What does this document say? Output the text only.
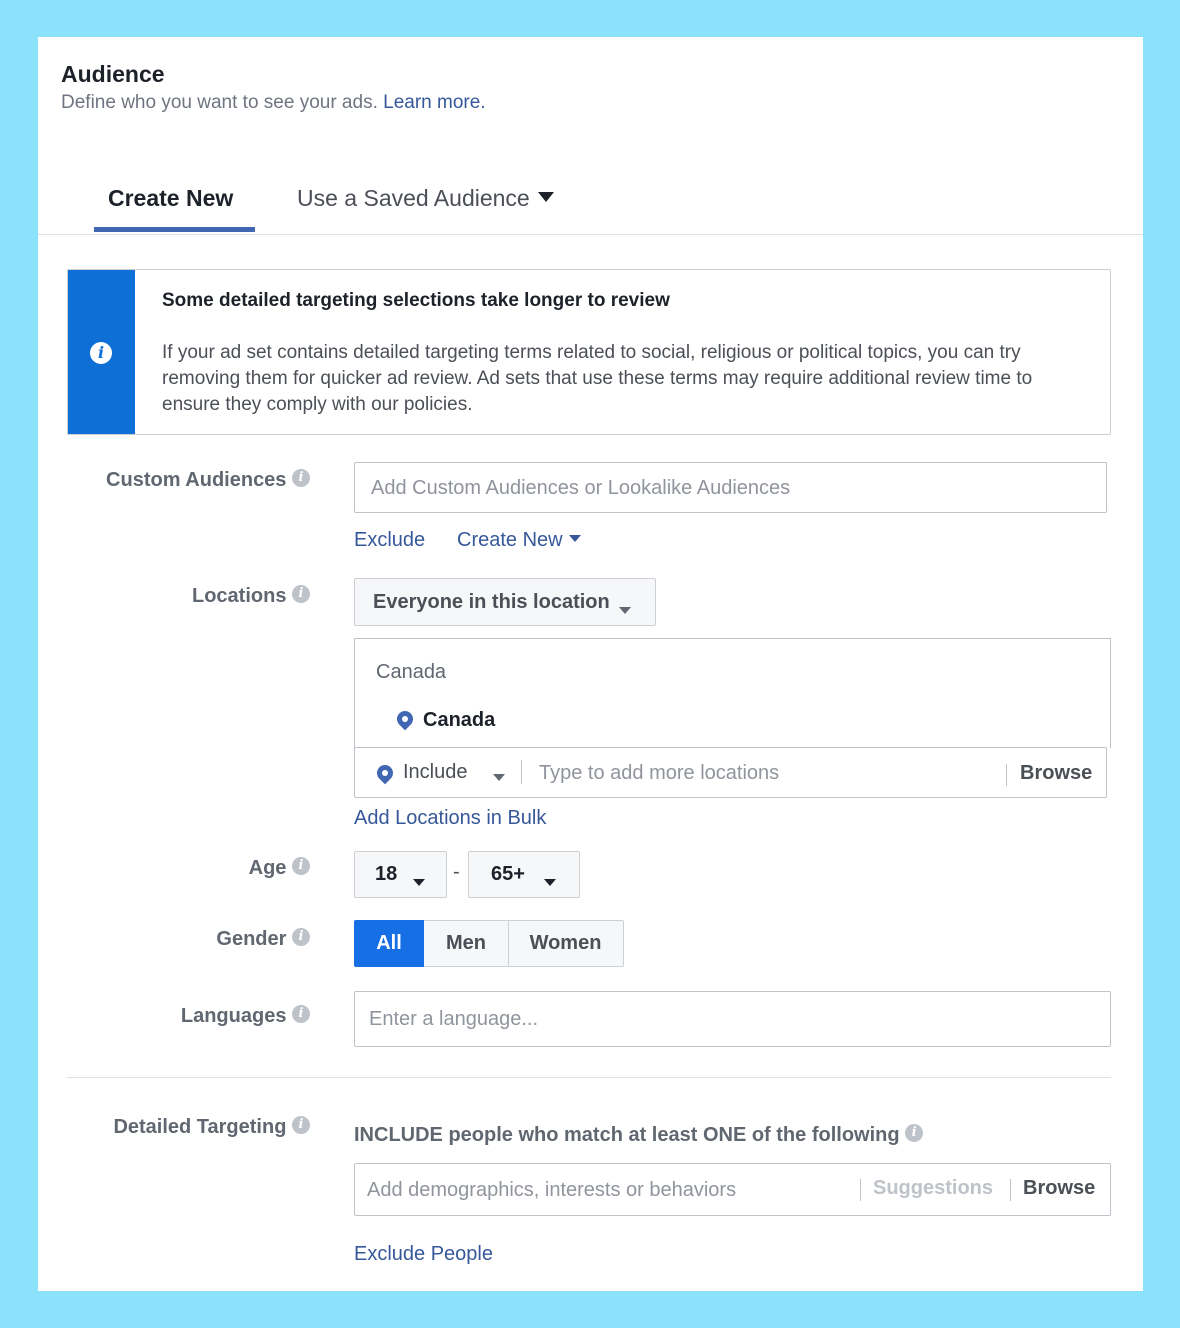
Audience
Define who you want to see your ads. Learn more.
Create New	Use a Saved Audience
i
Some detailed targeting selections take longer to review
If your ad set contains detailed targeting terms related to social, religious or political topics, you can try removing them for quicker ad review. Ad sets that use these terms may require additional review time to ensure they comply with our policies.
Custom Audiences i	Add Custom Audiences or Lookalike Audiences
Exclude Create New
Locations i	Everyone in this location
Canada
Canada
Include	Type to add more locations	Browse
Add Locations in Bulk
Age i	18	- 65+
Gender i	All	Men	Women
Languages i	Enter a language...
Detailed Targeting i	INCLUDE people who match at least ONE of the following i
Add demographics, interests or behaviors	Suggestions Browse
Exclude People
